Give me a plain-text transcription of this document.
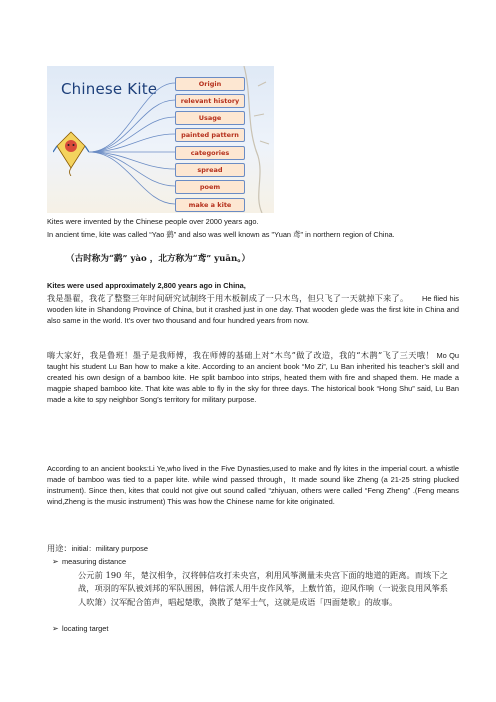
Chinese Kite	Origin
relevant history
Usage
painted pattern
categories
spread
poem
make a kite
Kites were invented by the Chinese people over 2000 years ago.
In ancient time, kite was called “Yao 鹞” and also was well known as "Yuan 鸢" in northern region of China.
（古时称为“鹞” yào ，北方称为“鸢” yuān。）
Kites were used approximately 2,800 years ago in China,
我是墨翟，我花了整整三年时间研究试制终于用木板制成了一只木鸟，但只飞了一天就掉下来了。 He flied his wooden kite in Shandong Province of China, but it crashed just in one day. That wooden glede was the first kite in China and also same in the world. It’s over two thousand and four hundred years from now.
嗨大家好，我是鲁班！墨子是我师傅，我在师傅的基础上对“木鸟”做了改造，我的“木鹊”飞了三天哦！ Mo Qu taught his student Lu Ban how to make a kite. According to an ancient book “Mo Zi”, Lu Ban inherited his teacher’s skill and created his own design of a bamboo kite. He split bamboo into strips, heated them with fire and shaped them. He made a magpie shaped bamboo kite. That kite was able to fly in the sky for three days. The historical book “Hong Shu” said, Lu Ban made a kite to spy neighbor Song’s territory for military purpose.
According to an ancient books:Li Ye,who lived in the Five Dynasties,used to make and fly kites in the imperial court. a whistle made of bamboo was tied to a paper kite. while wind passed through，It made sound like Zheng (a 21-25 string plucked instrument). Since then, kites that could not give out sound called “zhiyuan, others were called “Feng Zheng” .(Feng means wind,Zheng is the music instrument) This was how the Chinese name for kite originated.
用途：initial：military purpose
➢ measuring distance
公元前 190 年，楚汉相争，汉将韩信攻打未央宫，利用风筝测量未央宫下面的地道的距离。而垓下之战，项羽的军队被刘邦的军队围困，韩信派人用牛皮作风筝，上敷竹笛，迎风作响（一说张良用风筝系人吹箫）汉军配合笛声，唱起楚歌，涣散了楚军士气，这就是成语「四面楚歌」的故事。
➢ locating target
